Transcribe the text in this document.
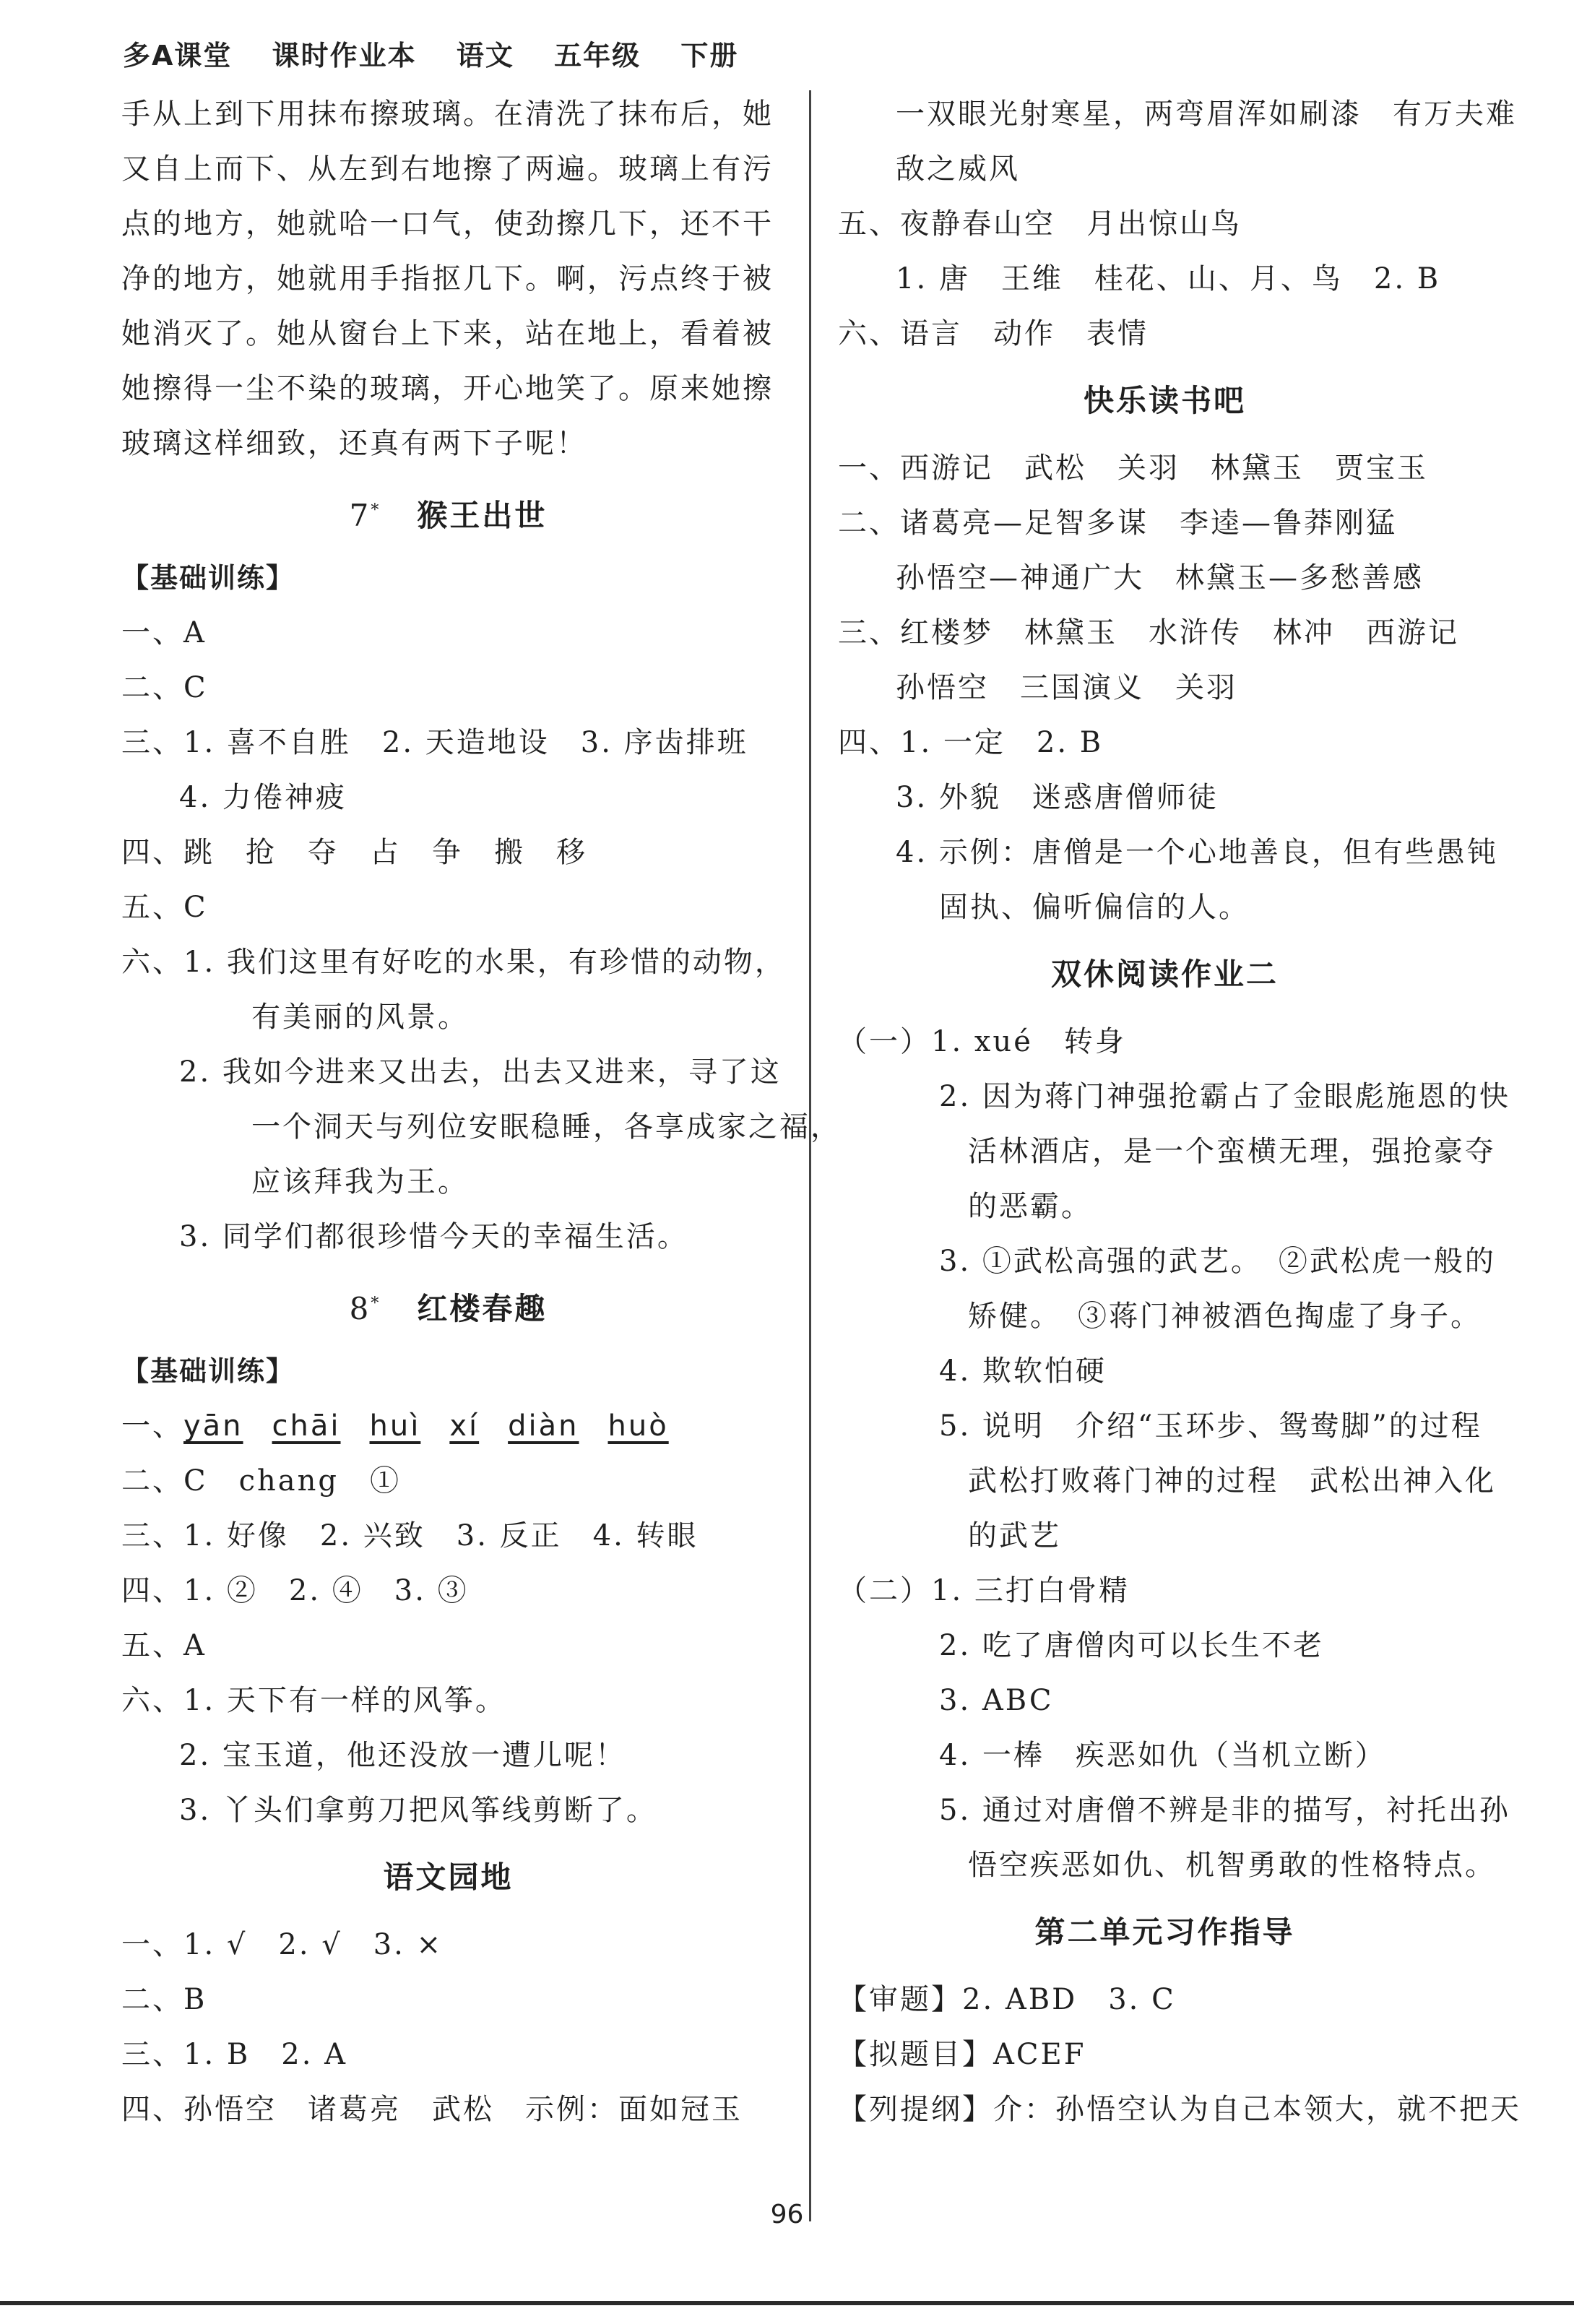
多A课堂 课时作业本 语文 五年级 下册
手从上到下用抹布擦玻璃。在清洗了抹布后，她
又自上而下、从左到右地擦了两遍。玻璃上有污
点的地方，她就哈一口气，使劲擦几下，还不干
净的地方，她就用手指抠几下。啊，污点终于被
她消灭了。她从窗台上下来，站在地上，看着被
她擦得一尘不染的玻璃，开心地笑了。原来她擦
玻璃这样细致，还真有两下子呢！
7* 猴王出世
【基础训练】
一、A
二、C
三、1. 喜不自胜　2. 天造地设　3. 序齿排班
4. 力倦神疲
四、跳　抢　夺　占　争　搬　移
五、C
六、1. 我们这里有好吃的水果，有珍惜的动物，
有美丽的风景。
2. 我如今进来又出去，出去又进来，寻了这
一个洞天与列位安眠稳睡，各享成家之福，
应该拜我为王。
3. 同学们都很珍惜今天的幸福生活。
8* 红楼春趣
【基础训练】
一、yān chāi huì xí diàn huò
二、C　chang　①
三、1. 好像　2. 兴致　3. 反正　4. 转眼
四、1. ②　2. ④　3. ③
五、A
六、1. 天下有一样的风筝。
2. 宝玉道，他还没放一遭儿呢！
3. 丫头们拿剪刀把风筝线剪断了。
语文园地
一、1. √　2. √　3. ×
二、B
三、1. B　2. A
四、孙悟空　诸葛亮　武松　示例：面如冠玉
一双眼光射寒星，两弯眉浑如刷漆　有万夫难
敌之威风
五、夜静春山空　月出惊山鸟
1. 唐　王维　桂花、山、月、鸟　2. B
六、语言　动作　表情
快乐读书吧
一、西游记　武松　关羽　林黛玉　贾宝玉
二、诸葛亮—足智多谋　李逵—鲁莽刚猛
孙悟空—神通广大　林黛玉—多愁善感
三、红楼梦　林黛玉　水浒传　林冲　西游记
孙悟空　三国演义　关羽
四、1. 一定　2. B
3. 外貌　迷惑唐僧师徒
4. 示例：唐僧是一个心地善良，但有些愚钝
固执、偏听偏信的人。
双休阅读作业二
（一）1. xué　转身
2. 因为蒋门神强抢霸占了金眼彪施恩的快
活林酒店，是一个蛮横无理，强抢豪夺
的恶霸。
3. ①武松高强的武艺。　②武松虎一般的
矫健。　③蒋门神被酒色掏虚了身子。
4. 欺软怕硬
5. 说明　介绍“玉环步、鸳鸯脚”的过程
武松打败蒋门神的过程　武松出神入化
的武艺
（二）1. 三打白骨精
2. 吃了唐僧肉可以长生不老
3. ABC
4. 一棒　疾恶如仇（当机立断）
5. 通过对唐僧不辨是非的描写，衬托出孙
悟空疾恶如仇、机智勇敢的性格特点。
第二单元习作指导
【审题】2. ABD　3. C
【拟题目】ACEF
【列提纲】介：孙悟空认为自己本领大，就不把天
96
